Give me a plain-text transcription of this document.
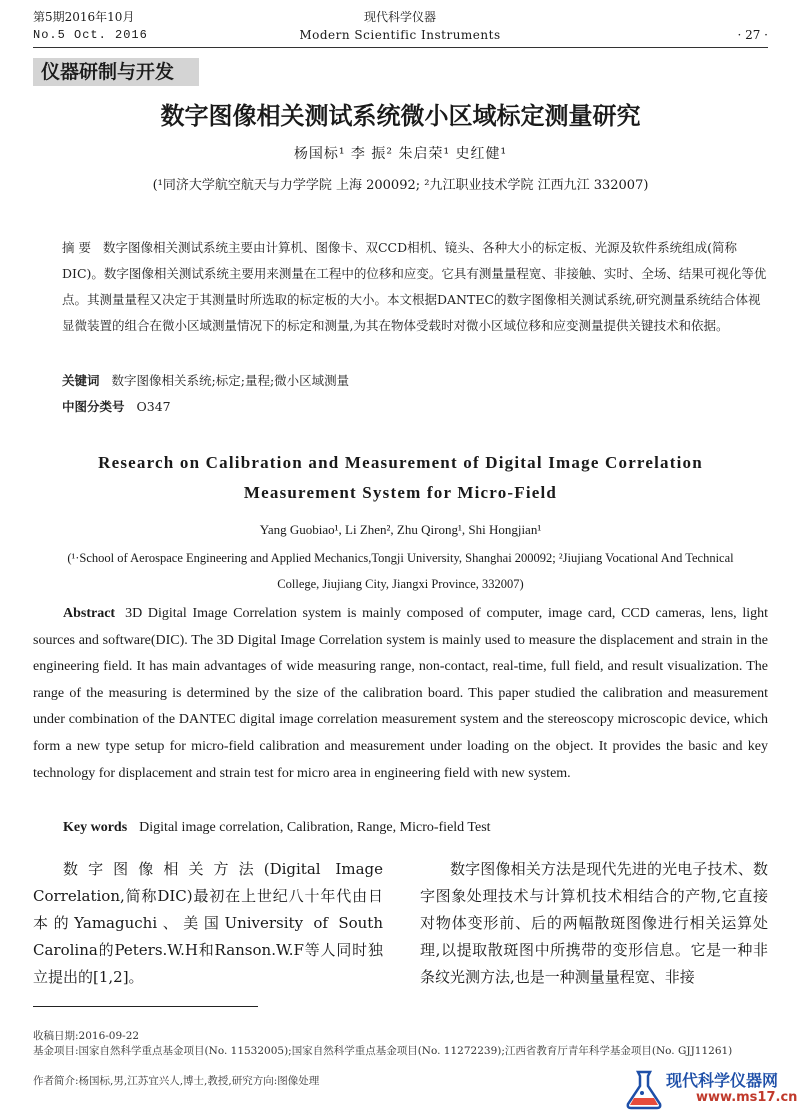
第5期2016年10月
No.5 Oct. 2016
现代科学仪器
Modern Scientific Instruments	· 27 ·
仪器研制与开发
数字图像相关测试系统微小区域标定测量研究
杨国标¹ 李 振² 朱启荣¹ 史红健¹
(¹同济大学航空航天与力学学院 上海 200092; ²九江职业技术学院 江西九江 332007)
摘 要 数字图像相关测试系统主要由计算机、图像卡、双CCD相机、镜头、各种大小的标定板、光源及软件系统组成(简称DIC)。数字图像相关测试系统主要用来测量在工程中的位移和应变。它具有测量量程宽、非接触、实时、全场、结果可视化等优点。其测量量程又决定于其测量时所选取的标定板的大小。本文根据DANTEC的数字图像相关测试系统,研究测量系统结合体视显微装置的组合在微小区域测量情况下的标定和测量,为其在物体受载时对微小区域位移和应变测量提供关键技术和依据。
关键词 数字图像相关系统;标定;量程;微小区域测量
中图分类号 O347
Research on Calibration and Measurement of Digital Image Correlation
Measurement System for Micro-Field
Yang Guobiao¹, Li Zhen², Zhu Qirong¹, Shi Hongjian¹
(¹·School of Aerospace Engineering and Applied Mechanics,Tongji University, Shanghai 200092; ²Jiujiang Vocational And Technical
College, Jiujiang City, Jiangxi Province, 332007)
Abstract 3D Digital Image Correlation system is mainly composed of computer, image card, CCD cameras, lens, light sources and software(DIC). The 3D Digital Image Correlation system is mainly used to measure the displacement and strain in the engineering field. It has main advantages of wide measuring range, non-contact, real-time, full field, and result visualization. The range of the measuring is determined by the size of the calibration board. This paper studied the calibration and measurement under combination of the DANTEC digital image correlation measurement system and the stereoscopy microscopic device, which form a new type setup for micro-field calibration and measurement under loading on the object. It provides the basic and key technology for displacement and strain test for micro area in engineering field with new system.
Key words Digital image correlation, Calibration, Range, Micro-field Test
数字图像相关方法(Digital Image Correlation,简称DIC)最初在上世纪八十年代由日本的Yamaguchi、美国University of South Carolina的Peters.W.H和Ranson.W.F等人同时独立提出的[1,2]。
数字图像相关方法是现代先进的光电子技术、数字图象处理技术与计算机技术相结合的产物,它直接对物体变形前、后的两幅散斑图像进行相关运算处理,以提取散斑图中所携带的变形信息。它是一种非条纹光测方法,也是一种测量量程宽、非接
收稿日期:2016-09-22
基金项目:国家自然科学重点基金项目(No. 11532005);国家自然科学重点基金项目(No. 11272239);江西省教育厅青年科学基金项目(No. GJJ11261)
作者简介:杨国标,男,江苏宜兴人,博士,教授,研究方向:图像处理	现代科学仪器网
www.ms17.cn
